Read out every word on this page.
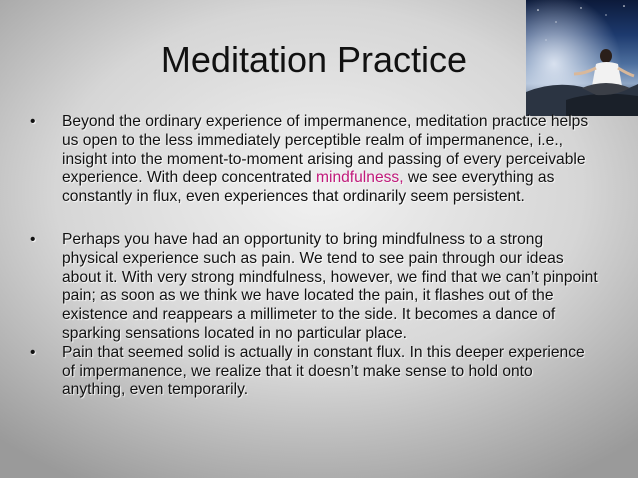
Meditation Practice
• Beyond the ordinary experience of impermanence, meditation practice helps us open to the less immediately perceptible realm of impermanence, i.e., insight into the moment-to-moment arising and passing of every perceivable experience. With deep concentrated mindfulness, we see everything as constantly in flux, even experiences that ordinarily seem persistent.
• Perhaps you have had an opportunity to bring mindfulness to a strong physical experience such as pain. We tend to see pain through our ideas about it. With very strong mindfulness, however, we find that we can’t pinpoint pain; as soon as we think we have located the pain, it flashes out of the existence and reappears a millimeter to the side. It becomes a dance of sparking sensations located in no particular place.
• Pain that seemed solid is actually in constant flux. In this deeper experience of impermanence, we realize that it doesn’t make sense to hold onto anything, even temporarily.
